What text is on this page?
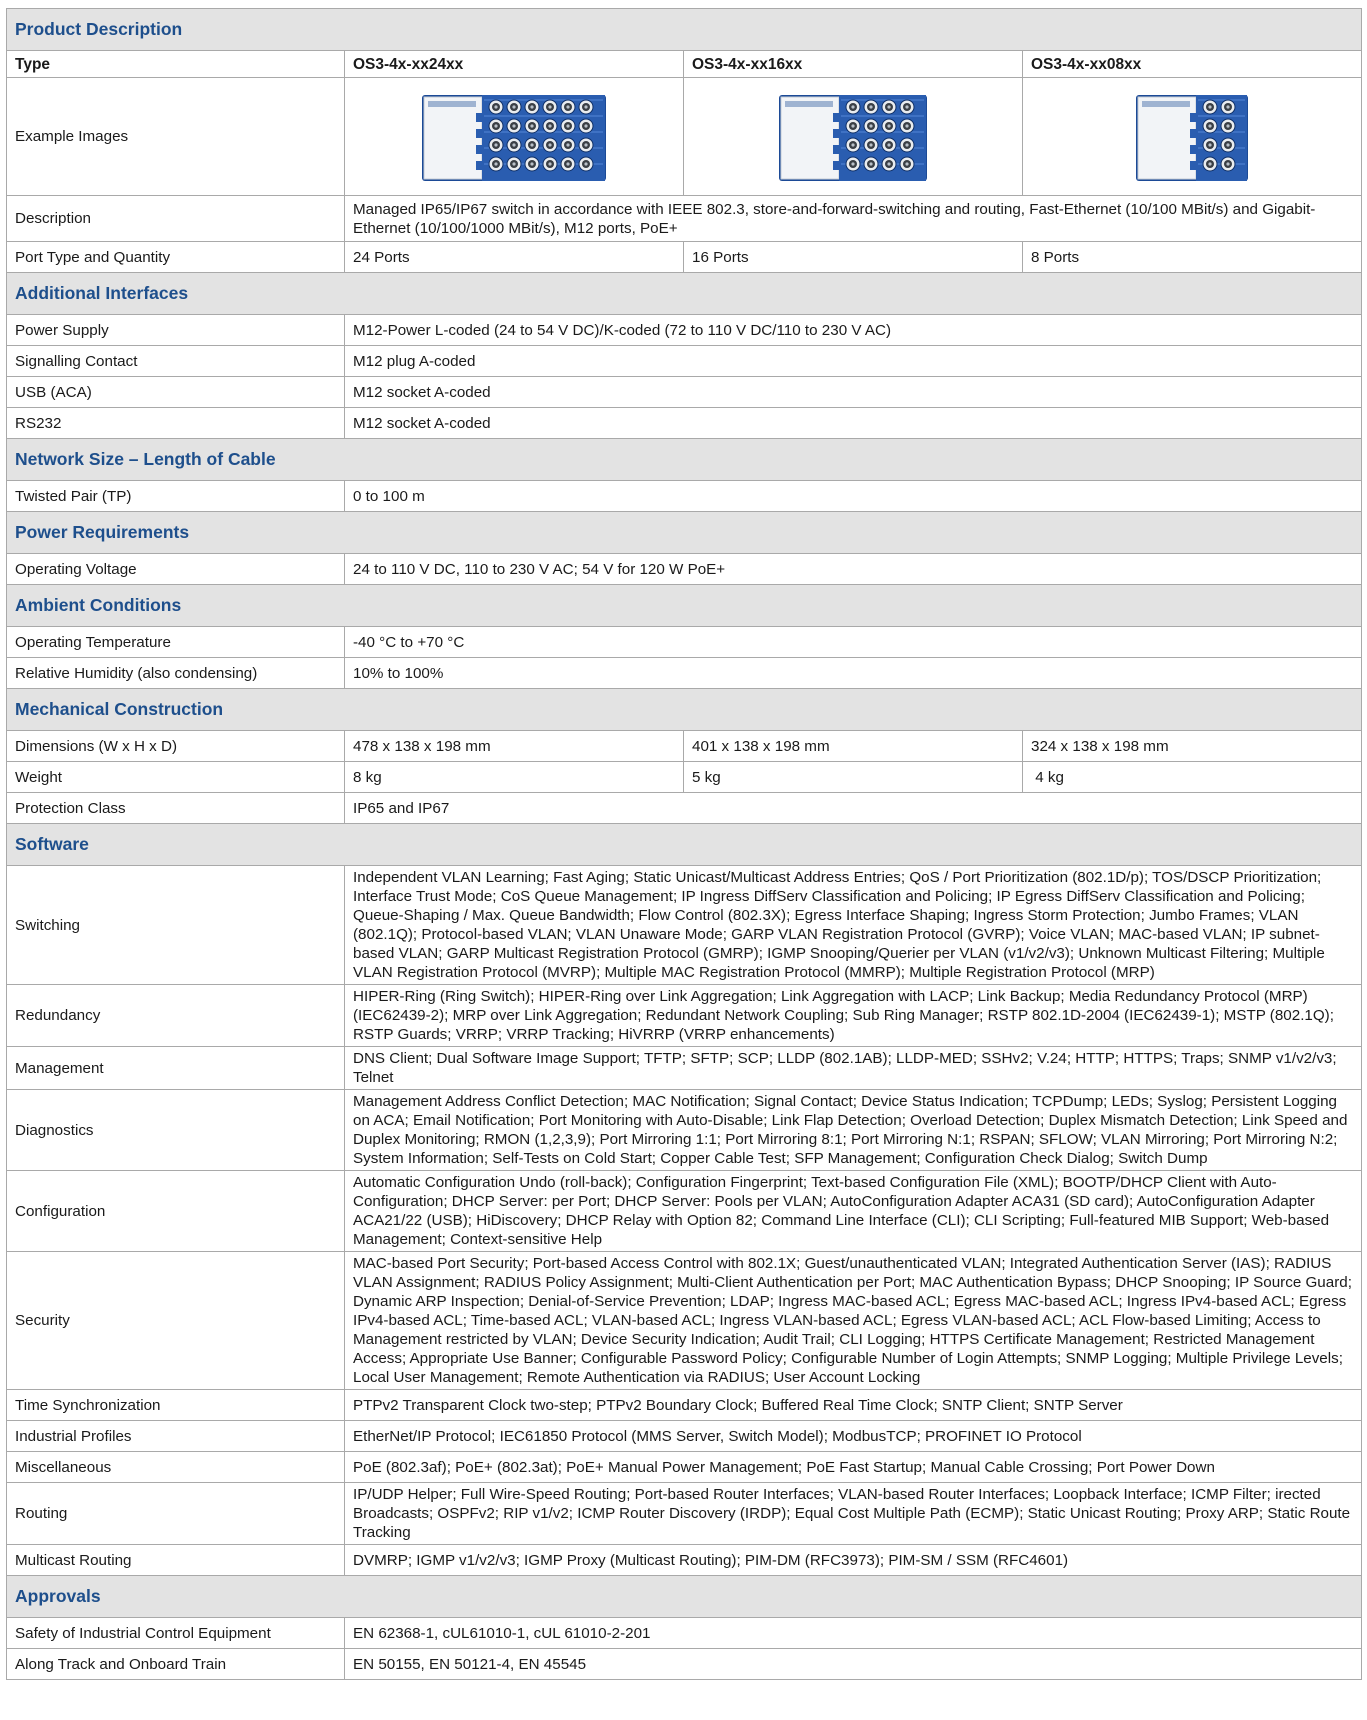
Product Description			
Type	OS3-4x-xx24xx	OS3-4x-xx16xx	OS3-4x-xx08xx
Example Images	

Description	Managed IP65/IP67 switch in accordance with IEEE 802.3, store-and-forward-switching and routing, Fast-Ethernet (10/100 MBit/s) and Gigabit-Ethernet (10/100/1000 MBit/s), M12 ports, PoE+		
Port Type and Quantity	24 Ports	16 Ports	8 Ports
Additional Interfaces			
Power Supply	M12-Power L-coded (24 to 54 V DC)/K-coded (72 to 110 V DC/110 to 230 V AC)		
Signalling Contact	M12 plug A-coded		
USB (ACA)	M12 socket A-coded		
RS232	M12 socket A-coded		
Network Size – Length of Cable			
Twisted Pair (TP)	0 to 100 m		
Power Requirements			
Operating Voltage	24 to 110 V DC, 110 to 230 V AC; 54 V for 120 W PoE+		
Ambient Conditions			
Operating Temperature	-40 °C to +70 °C		
Relative Humidity (also condensing)	10% to 100%		
Mechanical Construction			
Dimensions (W x H x D)	478 x 138 x 198 mm	401 x 138 x 198 mm	324 x 138 x 198 mm
Weight	8 kg	5 kg	4 kg
Protection Class	IP65 and IP67		
Software			
Switching	Independent VLAN Learning; Fast Aging; Static Unicast/Multicast Address Entries; QoS / Port Prioritization (802.1D/p); TOS/DSCP Prioritization; Interface Trust Mode; CoS Queue Management; IP Ingress DiffServ Classification and Policing; IP Egress DiffServ Classification and Policing; Queue-Shaping / Max. Queue Bandwidth; Flow Control (802.3X); Egress Interface Shaping; Ingress Storm Protection; Jumbo Frames; VLAN (802.1Q); Protocol-based VLAN; VLAN Unaware Mode; GARP VLAN Registration Protocol (GVRP); Voice VLAN; MAC-based VLAN; IP subnet-based VLAN; GARP Multicast Registration Protocol (GMRP); IGMP Snooping/Querier per VLAN (v1/v2/v3); Unknown Multicast Filtering; Multiple VLAN Registration Protocol (MVRP); Multiple MAC Registration Protocol (MMRP); Multiple Registration Protocol (MRP)		
Redundancy	HIPER-Ring (Ring Switch); HIPER-Ring over Link Aggregation; Link Aggregation with LACP; Link Backup; Media Redundancy Protocol (MRP) (IEC62439-2); MRP over Link Aggregation; Redundant Network Coupling; Sub Ring Manager; RSTP 802.1D-2004 (IEC62439-1); MSTP (802.1Q); RSTP Guards; VRRP; VRRP Tracking; HiVRRP (VRRP enhancements)		
Management	DNS Client; Dual Software Image Support; TFTP; SFTP; SCP; LLDP (802.1AB); LLDP-MED; SSHv2; V.24; HTTP; HTTPS; Traps; SNMP v1/v2/v3; Telnet		
Diagnostics	Management Address Conflict Detection; MAC Notification; Signal Contact; Device Status Indication; TCPDump; LEDs; Syslog; Persistent Logging on ACA; Email Notification; Port Monitoring with Auto-Disable; Link Flap Detection; Overload Detection; Duplex Mismatch Detection; Link Speed and Duplex Monitoring; RMON (1,2,3,9); Port Mirroring 1:1; Port Mirroring 8:1; Port Mirroring N:1; RSPAN; SFLOW; VLAN Mirroring; Port Mirroring N:2; System Information; Self-Tests on Cold Start; Copper Cable Test; SFP Management; Configuration Check Dialog; Switch Dump		
Configuration	Automatic Configuration Undo (roll-back); Configuration Fingerprint; Text-based Configuration File (XML); BOOTP/DHCP Client with Auto-Configuration; DHCP Server: per Port; DHCP Server: Pools per VLAN; AutoConfiguration Adapter ACA31 (SD card); AutoConfiguration Adapter ACA21/22 (USB); HiDiscovery; DHCP Relay with Option 82; Command Line Interface (CLI); CLI Scripting; Full-featured MIB Support; Web-based Management; Context-sensitive Help		
Security	MAC-based Port Security; Port-based Access Control with 802.1X; Guest/unauthenticated VLAN; Integrated Authentication Server (IAS); RADIUS VLAN Assignment; RADIUS Policy Assignment; Multi-Client Authentication per Port; MAC Authentication Bypass; DHCP Snooping; IP Source Guard; Dynamic ARP Inspection; Denial-of-Service Prevention; LDAP; Ingress MAC-based ACL; Egress MAC-based ACL; Ingress IPv4-based ACL; Egress IPv4-based ACL; Time-based ACL; VLAN-based ACL; Ingress VLAN-based ACL; Egress VLAN-based ACL; ACL Flow-based Limiting; Access to Management restricted by VLAN; Device Security Indication; Audit Trail; CLI Logging; HTTPS Certificate Management; Restricted Management Access; Appropriate Use Banner; Configurable Password Policy; Configurable Number of Login Attempts; SNMP Logging; Multiple Privilege Levels; Local User Management; Remote Authentication via RADIUS; User Account Locking		
Time Synchronization	PTPv2 Transparent Clock two-step; PTPv2 Boundary Clock; Buffered Real Time Clock; SNTP Client; SNTP Server		
Industrial Profiles	EtherNet/IP Protocol; IEC61850 Protocol (MMS Server, Switch Model); ModbusTCP; PROFINET IO Protocol		
Miscellaneous	PoE (802.3af); PoE+ (802.3at); PoE+ Manual Power Management; PoE Fast Startup; Manual Cable Crossing; Port Power Down		
Routing	IP/UDP Helper; Full Wire-Speed Routing; Port-based Router Interfaces; VLAN-based Router Interfaces; Loopback Interface; ICMP Filter; irected Broadcasts; OSPFv2; RIP v1/v2; ICMP Router Discovery (IRDP); Equal Cost Multiple Path (ECMP); Static Unicast Routing; Proxy ARP; Static Route Tracking		
Multicast Routing	DVMRP; IGMP v1/v2/v3; IGMP Proxy (Multicast Routing); PIM-DM (RFC3973); PIM-SM / SSM (RFC4601)		
Approvals			
Safety of Industrial Control Equipment	EN 62368-1, cUL61010-1, cUL 61010-2-201		
Along Track and Onboard Train	EN 50155, EN 50121-4, EN 45545		
